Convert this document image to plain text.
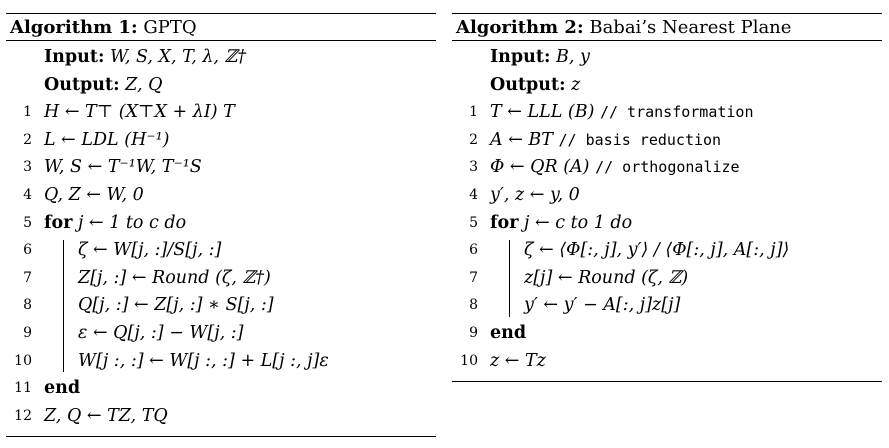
Algorithm 1: GPTQ
Input: W, S, X, T, λ, ℤ†
Output: Z, Q
1 H ← T⊤ (X⊤X + λI) T
2 L ← LDL (H⁻¹)
3 W, S ← T⁻¹W, T⁻¹S
4 Q, Z ← W, 0
5 for j ← 1 to c do
6	ζ ← W[j, :]/S[j, :]
7	Z[j, :] ← Round (ζ, ℤ†)
8	Q[j, :] ← Z[j, :] ∗ S[j, :]
9	ε ← Q[j, :] − W[j, :]
10	W[j :, :] ← W[j :, :] + L[j :, j]ε
11 end
12 Z, Q ← TZ, TQ
Algorithm 2: Babai’s Nearest Plane
Input: B, y
Output: z
1 T ← LLL (B) // transformation
2 A ← BT // basis reduction
3 Φ ← QR (A) // orthogonalize
4 y′, z ← y, 0
5 for j ← c to 1 do
6	ζ ← ⟨Φ[:, j], y′⟩ / ⟨Φ[:, j], A[:, j]⟩
7	z[j] ← Round (ζ, ℤ)
8	y′ ← y′ − A[:, j]z[j]
9 end
10 z ← Tz
